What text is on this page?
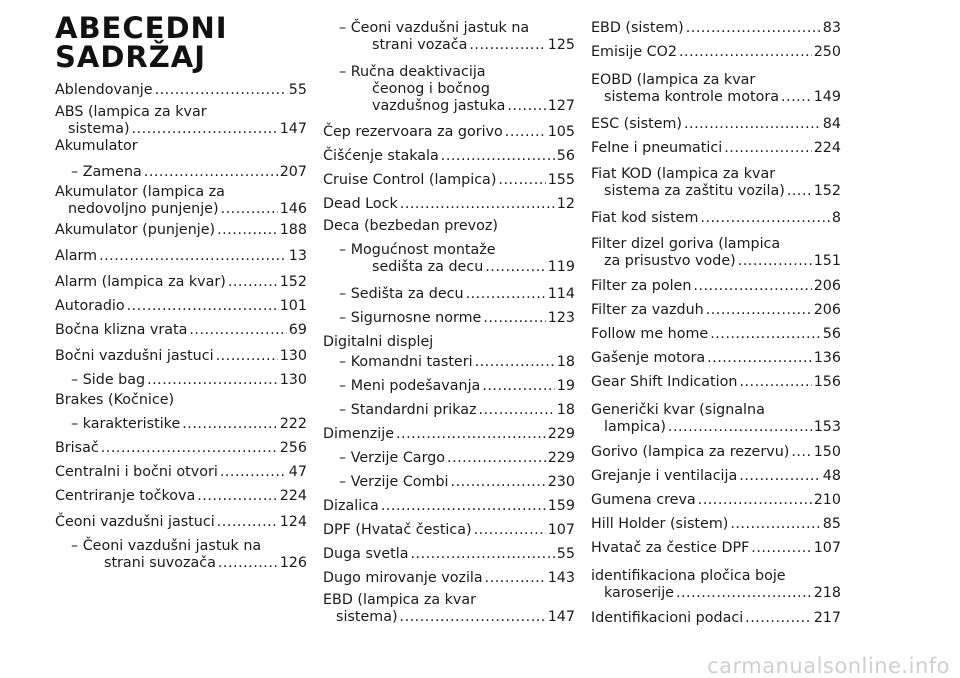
ABECEDNI
SADRŽAJ
Ablendovanje .....	55
ABS (lampica za kvar
sistema) .....	147
Akumulator
– Zamena .....	207
Akumulator (lampica za
nedovoljno punjenje) .....	146
Akumulator (punjenje) .....	188
Alarm .....	13
Alarm (lampica za kvar) .....	152
Autoradio .....	101
Bočna klizna vrata .....	69
Bočni vazdušni jastuci .....	130
– Side bag .....	130
Brakes (Kočnice)
– karakteristike .....	222
Brisač .....	256
Centralni i bočni otvori .....	47
Centriranje točkova .....	224
Čeoni vazdušni jastuci .....	124
– Čeoni vazdušni jastuk na
strani suvozača .....	126
– Čeoni vazdušni jastuk na
strani vozača .....	125
– Ručna deaktivacija
čeonog i bočnog
vazdušnog jastuka .....	127
Čep rezervoara za gorivo .....	105
Čišćenje stakala .....	56
Cruise Control (lampica) .....	155
Dead Lock .....	12
Deca (bezbedan prevoz)
– Mogućnost montaže
sedišta za decu .....	119
– Sedišta za decu .....	114
– Sigurnosne norme .....	123
Digitalni displej
– Komandni tasteri .....	18
– Meni podešavanja .....	19
– Standardni prikaz .....	18
Dimenzije .....	229
– Verzije Cargo .....	229
– Verzije Combi .....	230
Dizalica .....	159
DPF (Hvatač čestica) .....	107
Duga svetla .....	55
Dugo mirovanje vozila .....	143
EBD (lampica za kvar
sistema) .....	147
EBD (sistem) .....	83
Emisije CO2 .....	250
EOBD (lampica za kvar
sistema kontrole motora ..... 149
ESC (sistem) .....	84
Felne i pneumatici .....	224
Fiat KOD (lampica za kvar
sistema za zaštitu vozila) ..... 152
Fiat kod sistem .....	8
Filter dizel goriva (lampica
za prisustvo vode) .....	151
Filter za polen .....	206
Filter za vazduh .....	206
Follow me home .....	56
Gašenje motora .....	136
Gear Shift Indication .....	156
Generički kvar (signalna
lampica) .....	153
Gorivo (lampica za rezervu) ..... 150
Grejanje i ventilacija .....	48
Gumena creva .....	210
Hill Holder (sistem) .....	85
Hvatač za čestice DPF .....	107
identifikaciona pločica boje
karoserije .....	218
Identifikacioni podaci .....	217
carmanualsonline.info
